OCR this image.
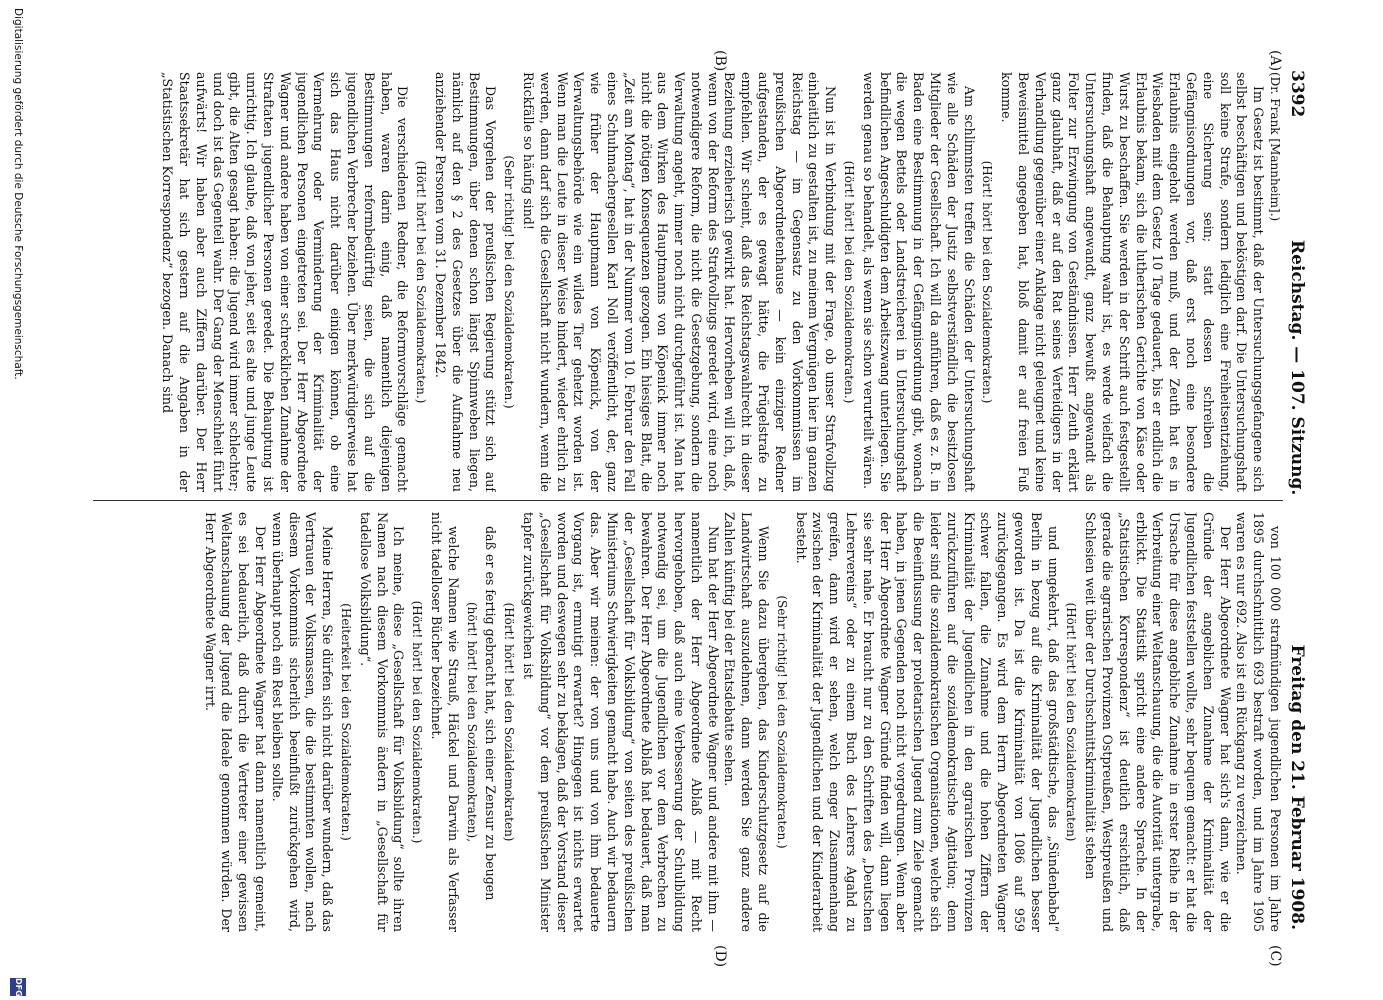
3392
Reichstag. — 107. Sitzung.
Freitag den 21. Februar 1908.
(A)
(B)
(C)
(D)

(Dr. Frank [Mannheim].)

Im Gesetz ist bestimmt, daß der Untersuchungsgefangene sich selbst beschäftigen und beköstigen darf. Die Untersuchungshaft soll keine Strafe, sondern lediglich eine Freiheitsentziehung, eine Sicherung sein; statt dessen schreiben die Gefängnisordnungen vor, daß erst noch eine besondere Erlaubnis eingeholt werden muß, und der Zeuth hat es in Wiesbaden mit dem Gesetz 10 Tage gedauert, bis er endlich die Erlaubnis bekam, sich die lutherischen Gerichte von Käse oder Wurst zu beschaffen. Sie werden in der Schrift auch festgestellt finden, daß die Behauptung wahr ist, es werde vielfach die Untersuchungshaft angewandt, ganz bewußt angewandt als Folter zur Erzwingung von Geständnissen. Herr Zeuth erklärt ganz glaubhaft, daß er auf den Rat seines Verteidigers in der Verhandlung gegenüber einer Anklage nicht geleugnet und keine Beweismittel angegeben hat, bloß damit er auf freien Fuß komme.

(Hört! hört! bei den Sozialdemokraten.)

Am schlimmsten treffen die Schäden der Untersuchungshaft wie alle Schäden der Justiz selbstverständlich die besitzlosen Mitglieder der Gesellschaft. Ich will da anführen, daß es z. B. in Baden eine Bestimmung in der Gefängnisordnung gibt, wonach die wegen Bettels oder Landstreicherei in Untersuchungshaft befindlichen Angeschuldigten dem Arbeitszwang unterliegen. Sie werden genau so behandelt, als wenn sie schon verurteilt wären.

(Hört! hört! bei den Sozialdemokraten.)

Nun ist in Verbindung mit der Frage, ob unser Strafvollzug einheitlich zu gestalten ist, zu meinem Vergnügen hier im ganzen Reichstag — im Gegensatz zu den Vorkommnissen im preußischen Abgeordnetenhause — kein einziger Redner aufgestanden, der es gewagt hätte, die Prügelstrafe zu empfehlen. Wir scheint, daß das Reichstagswahlrecht in dieser Beziehung erzieherisch gewirkt hat. Hervorheben will ich, daß, wenn von der Reform des Strafvollzugs geredet wird, eine noch notwendigere Reform, die nicht die Gesetzgebung, sondern die Verwaltung angeht, immer noch nicht durchgeführt ist. Man hat aus dem Wirken des Hauptmanns von Köpenick immer noch nicht die nötigen Konsequenzen gezogen. Ein hiesiges Blatt, die „Zeit am Montag“, hat in der Nummer vom 10. Februar den Fall eines Schuhmachergesellen Karl Noll veröffentlicht, der, ganz wie früher der Hauptmann von Köpenick, von der Verwaltungsbehörde wie ein wildes Tier gehetzt worden ist. Wenn man die Leute in dieser Weise hindert, wieder ehrlich zu werden, dann darf sich die Gesellschaft nicht wundern, wenn die Rückfälle so häufig sind!

(Sehr richtig! bei den Sozialdemokraten.)

Das Vorgehen der preußischen Regierung stützt sich auf Bestimmungen, über denen schon längst Spinnweben liegen, nämlich auf den § 2 des Gesetzes über die Aufnahme neu anziehender Personen vom 31. Dezember 1842.

(Hört! hört! bei den Sozialdemokraten.)

Die verschiedenen Redner, die Reformvorschläge gemacht haben, waren darin einig, daß namentlich diejenigen Bestimmungen reformbedürftig seien, die sich auf die jugendlichen Verbrecher beziehen. Über merkwürdigerweise hat sich das Haus nicht darüber einigen können, ob eine Vermehrung oder Verminderung der Kriminalität der jugendlichen Personen eingetreten sei. Der Herr Abgeordnete Wagner und andere haben von einer schrecklichen Zunahme der Straftaten jugendlicher Personen geredet. Die Behauptung ist unrichtig. Ich glaube, daß von jeher, seit es alte und junge Leute gibt, die Alten gesagt haben: die Jugend wird immer schlechter; und doch ist das Gegenteil wahr. Der Gang der Menschheit führt aufwärts! Wir haben aber auch Ziffern darüber. Der Herr Staatssekretär hat sich gestern auf die Angaben in der „Statistischen Korrespondenz“ bezogen. Danach sind

von 100 000 strafmündigen jugendlichen Personen im Jahre 1895 durchschnittlich 693 bestraft worden, und im Jahre 1905 waren es nur 692. Also ist ein Rückgang zu verzeichnen.

Der Herr Abgeordnete Wagner hat sich's dann, wie er die Gründe der angeblichen Zunahme der Kriminalität der Jugendlichen feststellen wollte, sehr bequem gemacht: er hat die Ursache für diese angebliche Zunahme in erster Reihe in der Verbreitung einer Weltanschauung, die die Autorität untergrabe, erblickt. Die Statistik spricht eine andere Sprache. In der „Statistischen Korrespondenz“ ist deutlich ersichtlich, daß gerade die agrarischen Provinzen Ostpreußen, Westpreußen und Schlesien weit über der Durchschnittskriminalität stehen

(Hört! hört! bei den Sozialdemokraten)

und umgekehrt, daß das großstädtische, das „Sündenbabel“ Berlin in bezug auf die Kriminalität der Jugendlichen besser geworden ist. Da ist die Kriminalität von 1086 auf 959 zurückgegangen. Es wird dem Herrn Abgeordneten Wagner schwer fallen, die Zunahme und die hohen Ziffern der Kriminalität der Jugendlichen in den agrarischen Provinzen zurückzuführen auf die sozialdemokratische Agitation; denn leider sind die sozialdemokratischen Organisationen, welche sich die Beeinflussung der proletarischen Jugend zum Ziele gemacht haben, in jenen Gegenden noch nicht vorgedrungen. Wenn aber der Herr Abgeordnete Wagner Gründe finden will, dann liegen sie sehr nahe. Er braucht nur zu den Schriften des „Deutschen Lehrervereins“ oder zu einem Buch des Lehrers Agahd zu greifen, dann wird er sehen, welch enger Zusammenhang zwischen der Kriminalität der Jugendlichen und der Kinderarbeit besteht.

(Sehr richtig! bei den Sozialdemokraten.)

Wenn Sie dazu übergehen, das Kinderschutzgesetz auf die Landwirtschaft auszudehnen, dann werden Sie ganz andere Zahlen künftig bei der Etatsdebatte sehen.

Nun hat der Herr Abgeordnete Wagner und andere mit ihm — namentlich der Herr Abgeordnete Ablaß — mit Recht hervorgehoben, daß auch eine Verbesserung der Schulbildung notwendig sei, um die Jugendlichen vor dem Verbrechen zu bewahren. Der Herr Abgeordnete Ablaß hat bedauert, daß man der „Gesellschaft für Volksbildung“ von seiten des preußischen Ministeriums Schwierigkeiten gemacht habe. Auch wir bedauern das. Aber wir meinen: der von uns und von ihm bedauerte Vorgang ist, ermutigt erwartet? Hingegen ist nichts erwartet worden und deswegen sehr zu beklagen, daß der Vorstand dieser „Gesellschaft für Volksbildung“ vor dem preußischen Minister tapfer zurückgewichen ist

(Hört! hört! bei den Sozialdemokraten)

daß er es fertig gebracht hat, sich einer Zensur zu beugen

(hört! hört! bei den Sozialdemokraten),

welche Namen wie Strauß, Häckel und Darwin als Verfasser nicht tadelloser Bücher bezeichnet.

(Hört! hört! bei den Sozialdemokraten.)

Ich meine, diese „Gesellschaft für Volksbildung“ sollte ihren Namen nach diesem Vorkommnis ändern in „Gesellschaft für tadellose Volksbildung“.

(Heiterkeit bei den Sozialdemokraten.)

Meine Herren, Sie dürfen sich nicht darüber wundern, daß das Vertrauen der Volksmassen, die die bestimmten wollen, nach diesem Vorkommnis sicherlich beeinflußt zurückgehen wird, wenn überhaupt noch ein Rest bleiben sollte.

Der Herr Abgeordnete Wagner hat dann namentlich gemeint, es sei bedauerlich, daß durch die Vertreter einer gewissen Weltanschauung der Jugend die Ideale genommen würden. Der Herr Abgeordnete Wagner irrt.

Digitalisierung gefördert durch die Deutsche Forschungsgemeinschaft.
DFG
